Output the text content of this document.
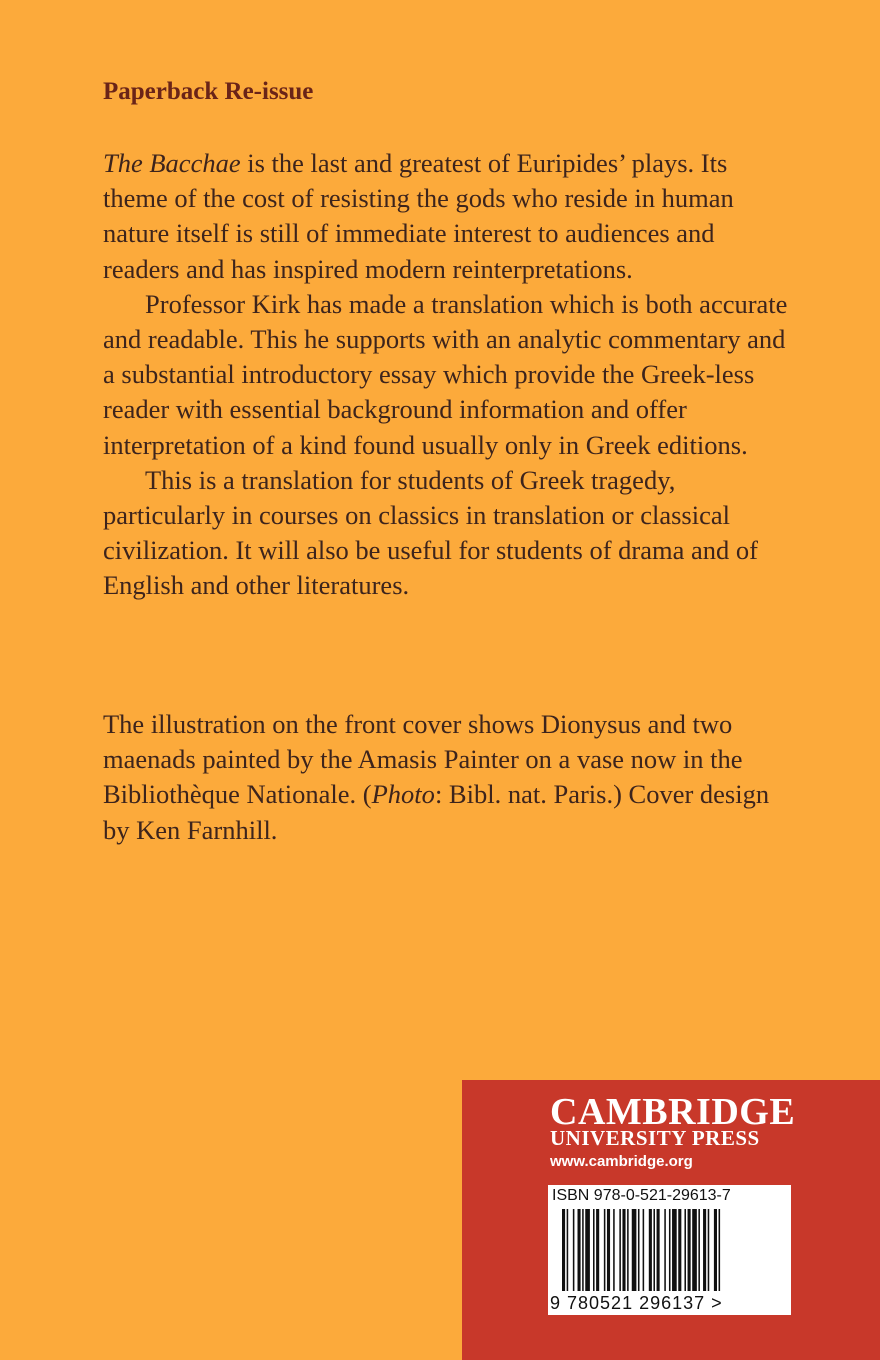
Paperback Re-issue

The Bacchae is the last and greatest of Euripides’ plays. Its theme of the cost of resisting the gods who reside in human nature itself is still of immediate interest to audiences and readers and has inspired modern reinterpretations.

Professor Kirk has made a translation which is both accurate and readable. This he supports with an analytic commentary and a substantial introductory essay which provide the Greek-less reader with essential background information and offer interpretation of a kind found usually only in Greek editions.

This is a translation for students of Greek tragedy, particularly in courses on classics in translation or classical civilization. It will also be useful for students of drama and of English and other literatures.

The illustration on the front cover shows Dionysus and two maenads painted by the Amasis Painter on a vase now in the Bibliothèque Nationale. (Photo: Bibl. nat. Paris.) Cover design by Ken Farnhill.
CAMBRIDGE
UNIVERSITY PRESS
www.cambridge.org
ISBN 978-0-521-29613-7
9 780521 296137 >
